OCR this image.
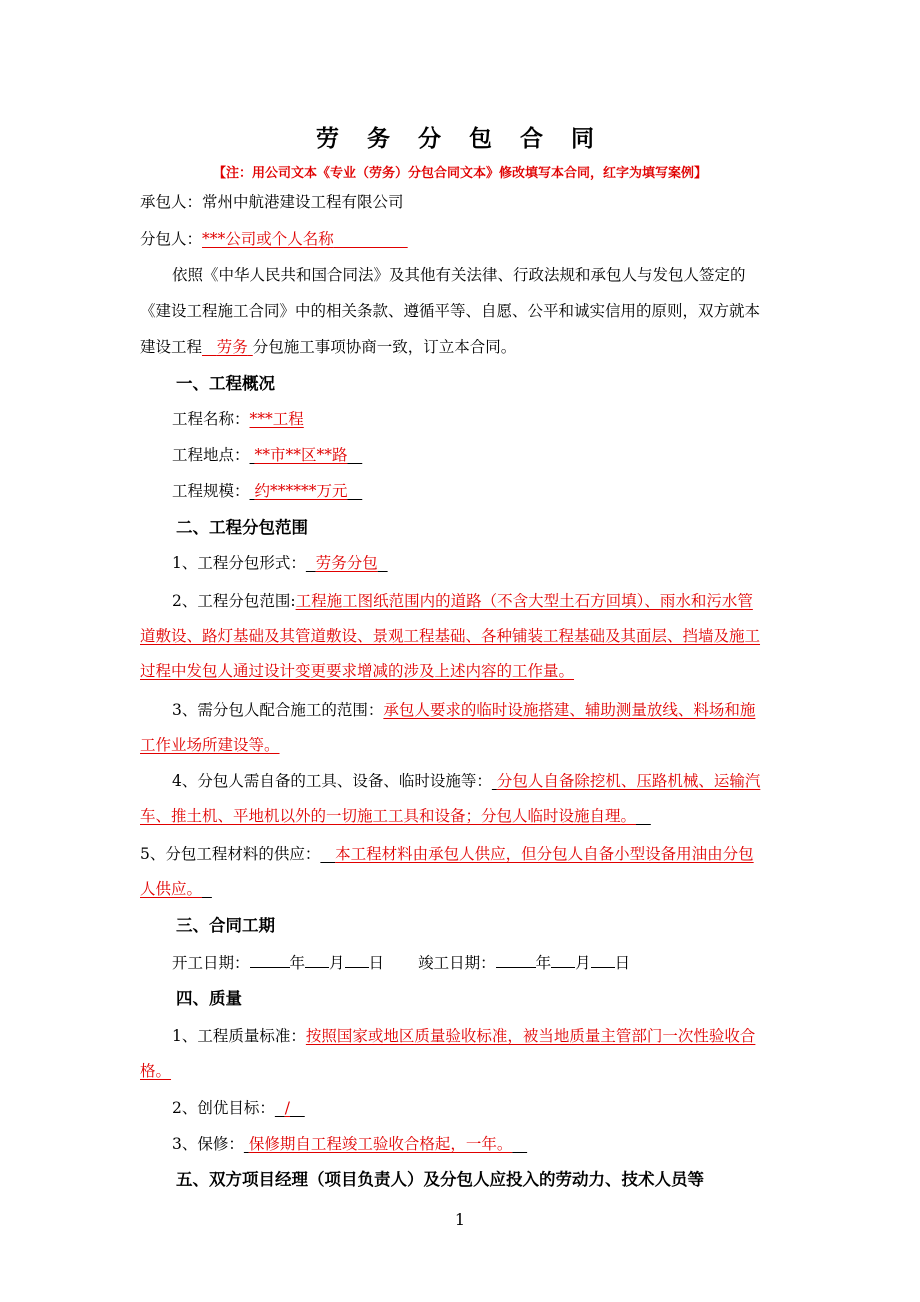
劳 务 分 包 合 同
【注：用公司文本《专业（劳务）分包合同文本》修改填写本合同，红字为填写案例】
承包人：常州中航港建设工程有限公司
分包人：***公司或个人名称
依照《中华人民共和国合同法》及其他有关法律、行政法规和承包人与发包人签定的
《建设工程施工合同》中的相关条款、遵循平等、自愿、公平和诚实信用的原则，双方就本
建设工程 劳务 分包施工事项协商一致，订立本合同。
一、工程概况
工程名称：***工程
工程地点： **市**区**路
工程规模： 约******万元
二、工程分包范围
1、工程分包形式： 劳务分包
2、工程分包范围:工程施工图纸范围内的道路（不含大型土石方回填）、雨水和污水管
道敷设、路灯基础及其管道敷设、景观工程基础、各种铺装工程基础及其面层、挡墙及施工
过程中发包人通过设计变更要求增减的涉及上述内容的工作量。
3、需分包人配合施工的范围：承包人要求的临时设施搭建、辅助测量放线、料场和施
工作业场所建设等。
4、分包人需自备的工具、设备、临时设施等： 分包人自备除挖机、压路机械、运输汽
车、推土机、平地机以外的一切施工工具和设备；分包人临时设施自理。
5、分包工程材料的供应： 本工程材料由承包人供应，但分包人自备小型设备用油由分包
人供应。
三、合同工期
开工日期：	年 月 日 竣工日期：	年 月 日
四、质量
1、工程质量标准：按照国家或地区质量验收标准，被当地质量主管部门一次性验收合
格。
2、创优目标： /
3、保修： 保修期自工程竣工验收合格起，一年。
五、双方项目经理（项目负责人）及分包人应投入的劳动力、技术人员等
1
